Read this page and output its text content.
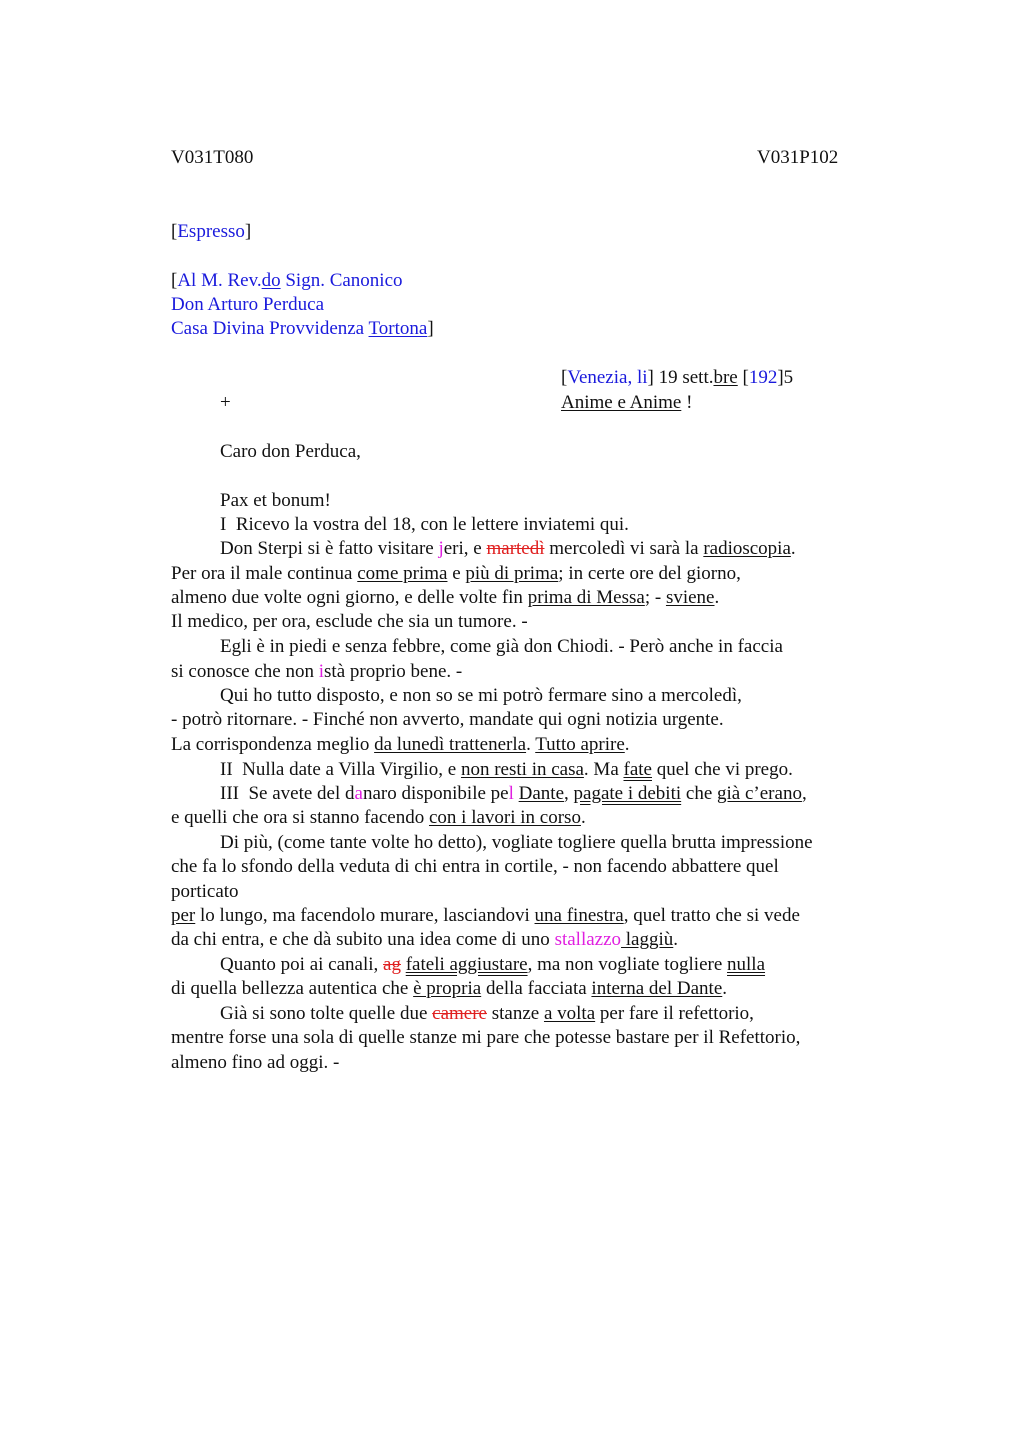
V031T080	V031P102
[Espresso]
[Al M. Rev.do Sign. Canonico
Don Arturo Perduca
Casa Divina Provvidenza Tortona]
[Venezia, li] 19 sett.bre [192]5
+	Anime e Anime !
Caro don Perduca,
Pax et bonum!
I  Ricevo la vostra del 18, con le lettere inviatemi qui.
Don Sterpi si è fatto visitare jeri, e martedì mercoledì vi sarà la radioscopia.
Per ora il male continua come prima e più di prima; in certe ore del giorno,
almeno due volte ogni giorno, e delle volte fin prima di Messa; - sviene.
Il medico, per ora, esclude che sia un tumore. -
Egli è in piedi e senza febbre, come già don Chiodi. - Però anche in faccia
si conosce che non istà proprio bene. -
Qui ho tutto disposto, e non so se mi potrò fermare sino a mercoledì,
- potrò ritornare. - Finché non avverto, mandate qui ogni notizia urgente.
La corrispondenza meglio da lunedì trattenerla. Tutto aprire.
II  Nulla date a Villa Virgilio, e non resti in casa. Ma fate quel che vi prego.
III  Se avete del danaro disponibile pel Dante, pagate i debiti che già c’erano,
e quelli che ora si stanno facendo con i lavori in corso.
Di più, (come tante volte ho detto), vogliate togliere quella brutta impressione
che fa lo sfondo della veduta di chi entra in cortile, - non facendo abbattere quel
porticato
per lo lungo, ma facendolo murare, lasciandovi una finestra, quel tratto che si vede
da chi entra, e che dà subito una idea come di uno stallazzo laggiù.
Quanto poi ai canali, ag fateli aggiustare, ma non vogliate togliere nulla
di quella bellezza autentica che è propria della facciata interna del Dante.
Già si sono tolte quelle due camere stanze a volta per fare il refettorio,
mentre forse una sola di quelle stanze mi pare che potesse bastare per il Refettorio,
almeno fino ad oggi. -
